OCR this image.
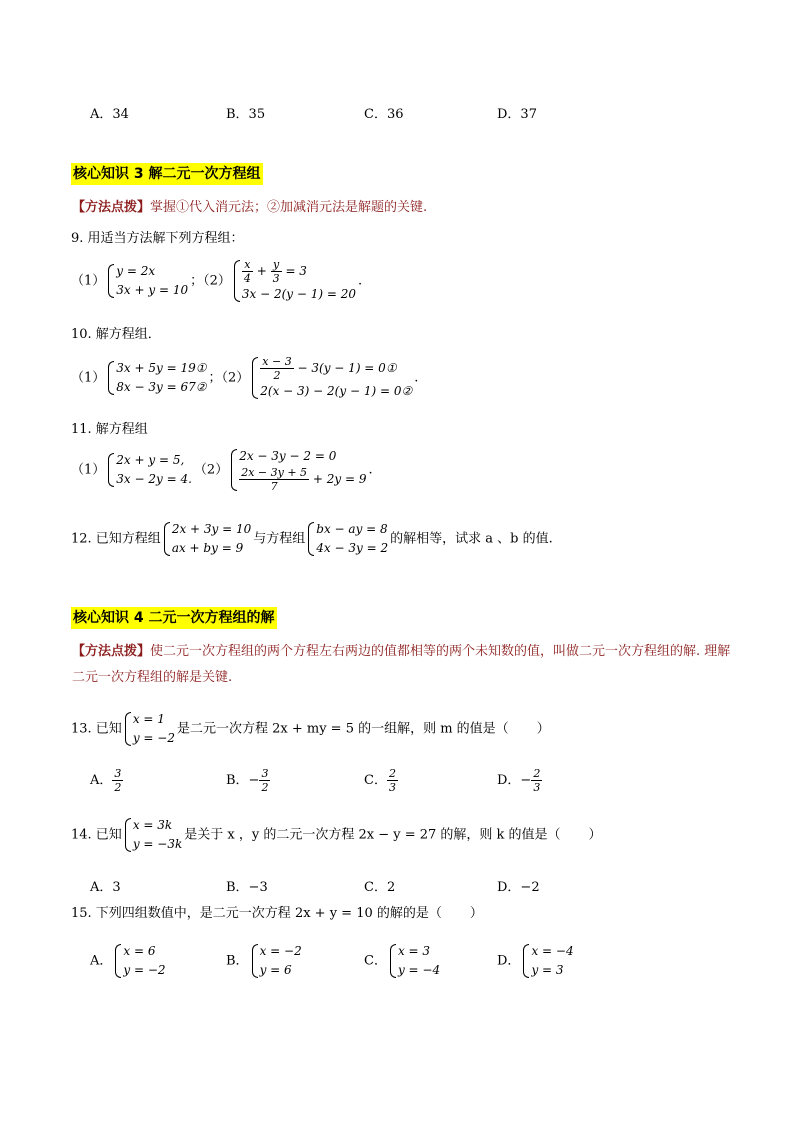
A．34	B．35	C．36	D．37
核心知识 3 解二元一次方程组
【方法点拨】掌握①代入消元法；②加减消元法是解题的关键.
9. 用适当方法解下列方程组：
（1）
y = 2x
3x + y = 10
；$(2) \frac{x}{4} + \frac{y}{3} = 3$
3x − 2(y − 1) = 20
.
10. 解方程组．
（1）
3x + 5y = 19①
8x − 3y = 67②
；$(2) \frac{x - 3}{2} - 3(y - 1)$ = 0①
2(x − 3) − 2(y − 1) = 0②
.
11. 解方程组
（1）
2x + y = 5,
3x − 2y = 4.
（2）
2x − 3y − 2 = 0
$\frac{2x - 3y + 5}{7} + 2y = 9$
.
12. 已知方程组
2x + 3y = 10
ax + by = 9
与方程组
bx − ay = 8
4x − 3y = 2
的解相等，试求 a 、b 的值.
核心知识 4 二元一次方程组的解
【方法点拨】使二元一次方程组的两个方程左右两边的值都相等的两个未知数的值，叫做二元一次方程组的解. 理解二元一次方程组的解是关键.
13. 已知
x = 1
y = −2
是二元一次方程 2x + my = 5 的一组解，则 m 的值是（ ）
A． $\frac{3}{2}$	B．− $\frac{3}{2}$	C． $\frac{2}{3}$	D．− $\frac{2}{3}$
14. 已知
x = 3k
y = −3k
是关于 x ，y 的二元一次方程 2x − y = 27 的解，则 k 的值是（ ）
A．3	B．−3	C．2	D．−2
15. 下列四组数值中，是二元一次方程 2x + y = 10 的解的是（ ）
A．
x = 6
y = −2
B．
x = −2
y = 6
C．
x = 3
y = −4
D．
x = −4
y = 3
